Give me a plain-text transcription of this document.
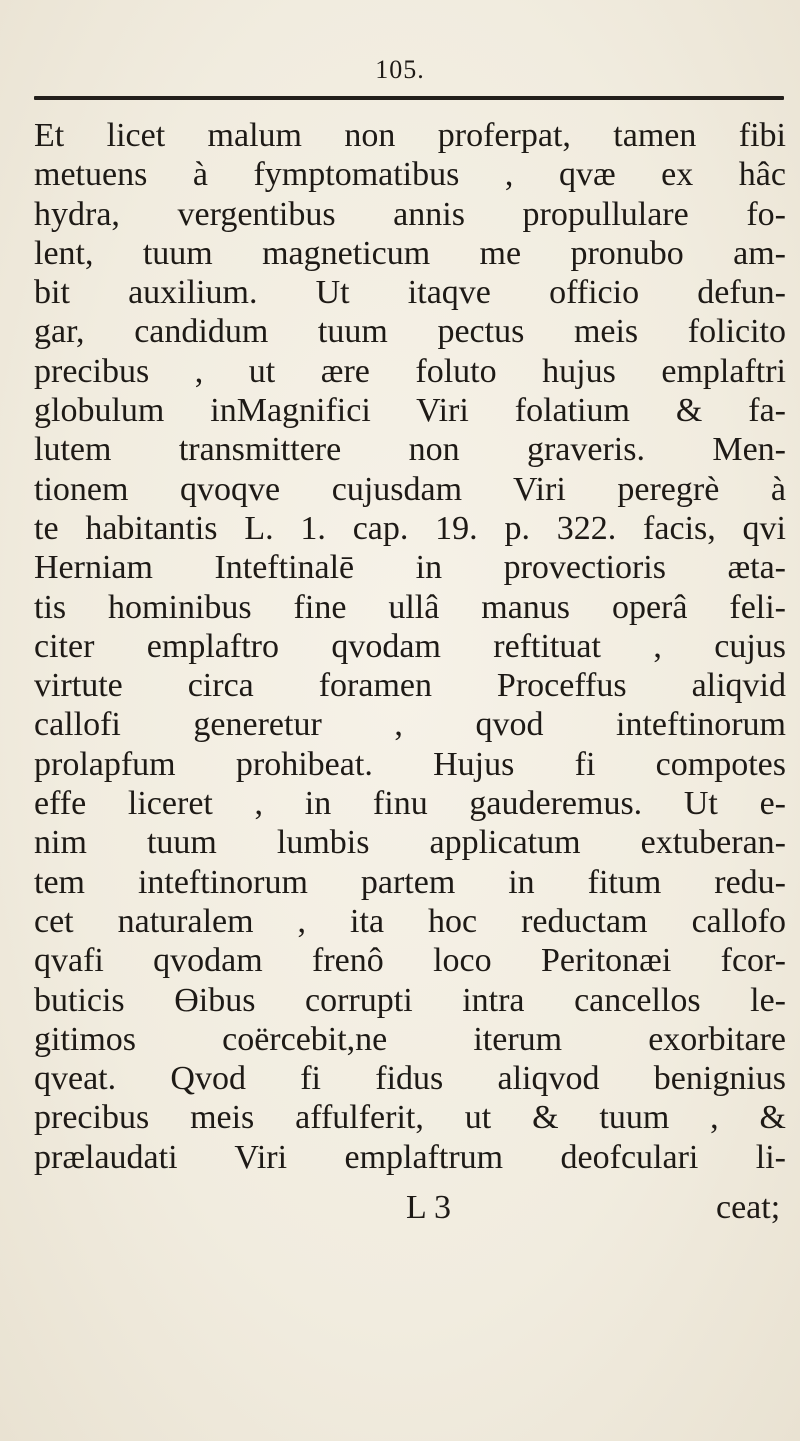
105.
Et licet malum non proferpat, tamen fibi
metuens à fymptomatibus , qvæ ex hâc
hydra, vergentibus annis propullulare fo-
lent, tuum magneticum me pronubo am-
bit auxilium. Ut itaqve officio defun-
gar, candidum tuum pectus meis folicito
precibus , ut ære foluto hujus emplaftri
globulum inMagnifici Viri folatium & fa-
lutem transmittere non graveris. Men-
tionem qvoqve cujusdam Viri peregrè à
te habitantis L. 1. cap. 19. p. 322. facis, qvi
Herniam Inteftinalē in provectioris æta-
tis hominibus fine ullâ manus operâ feli-
citer emplaftro qvodam reftituat , cujus
virtute circa foramen Proceffus aliqvid
callofi generetur , qvod inteftinorum
prolapfum prohibeat. Hujus fi compotes
effe liceret , in finu gauderemus. Ut e-
nim tuum lumbis applicatum extuberan-
tem inteftinorum partem in fitum redu-
cet naturalem , ita hoc reductam callofo
qvafi qvodam frenô loco Peritonæi fcor-
buticis ϴibus corrupti intra cancellos le-
gitimos coërcebit,ne iterum exorbitare
qveat. Qvod fi fidus aliqvod benignius
precibus meis affulferit, ut & tuum , &
prælaudati Viri emplaftrum deofculari li-
L 3	ceat;
